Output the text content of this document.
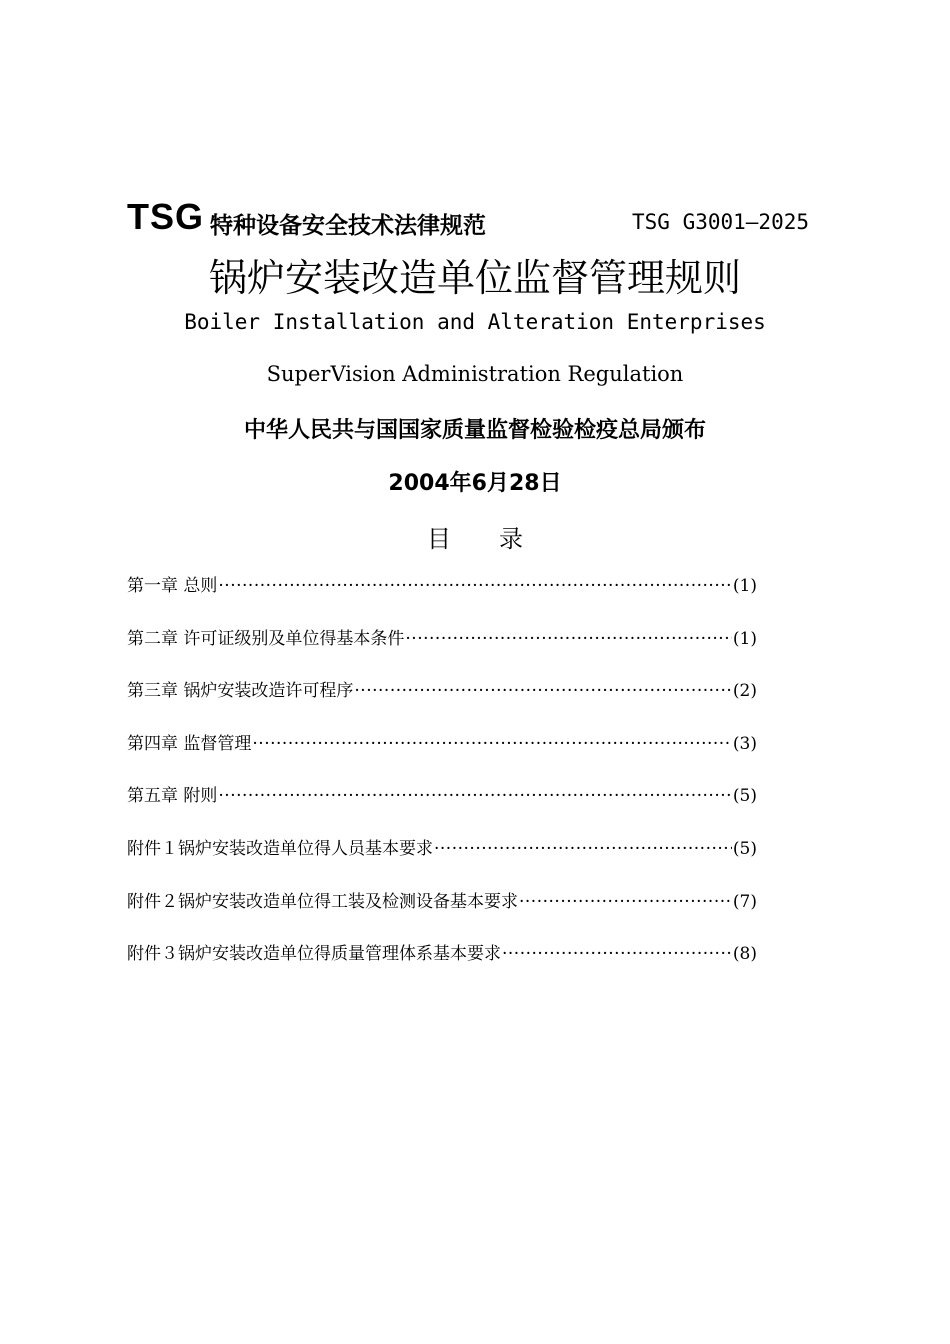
TSG 特种设备安全技术法律规范	TSG G3001—2025
锅炉安装改造单位监督管理规则
Boiler Installation and Alteration Enterprises
SuperVision Administration Regulation
中华人民共与国国家质量监督检验检疫总局颁布
2004年6月28日
目录
第一章 总则 ·····	(1)
第二章 许可证级别及单位得基本条件 ·····	(1)
第三章 锅炉安装改造许可程序 ·····	(2)
第四章 监督管理 ·····	(3)
第五章 附则 ·····	(5)
附件１锅炉安装改造单位得人员基本要求 ·····	(5)
附件２锅炉安装改造单位得工装及检测设备基本要求 ·····	(7)
附件３锅炉安装改造单位得质量管理体系基本要求 ·····	(8)
